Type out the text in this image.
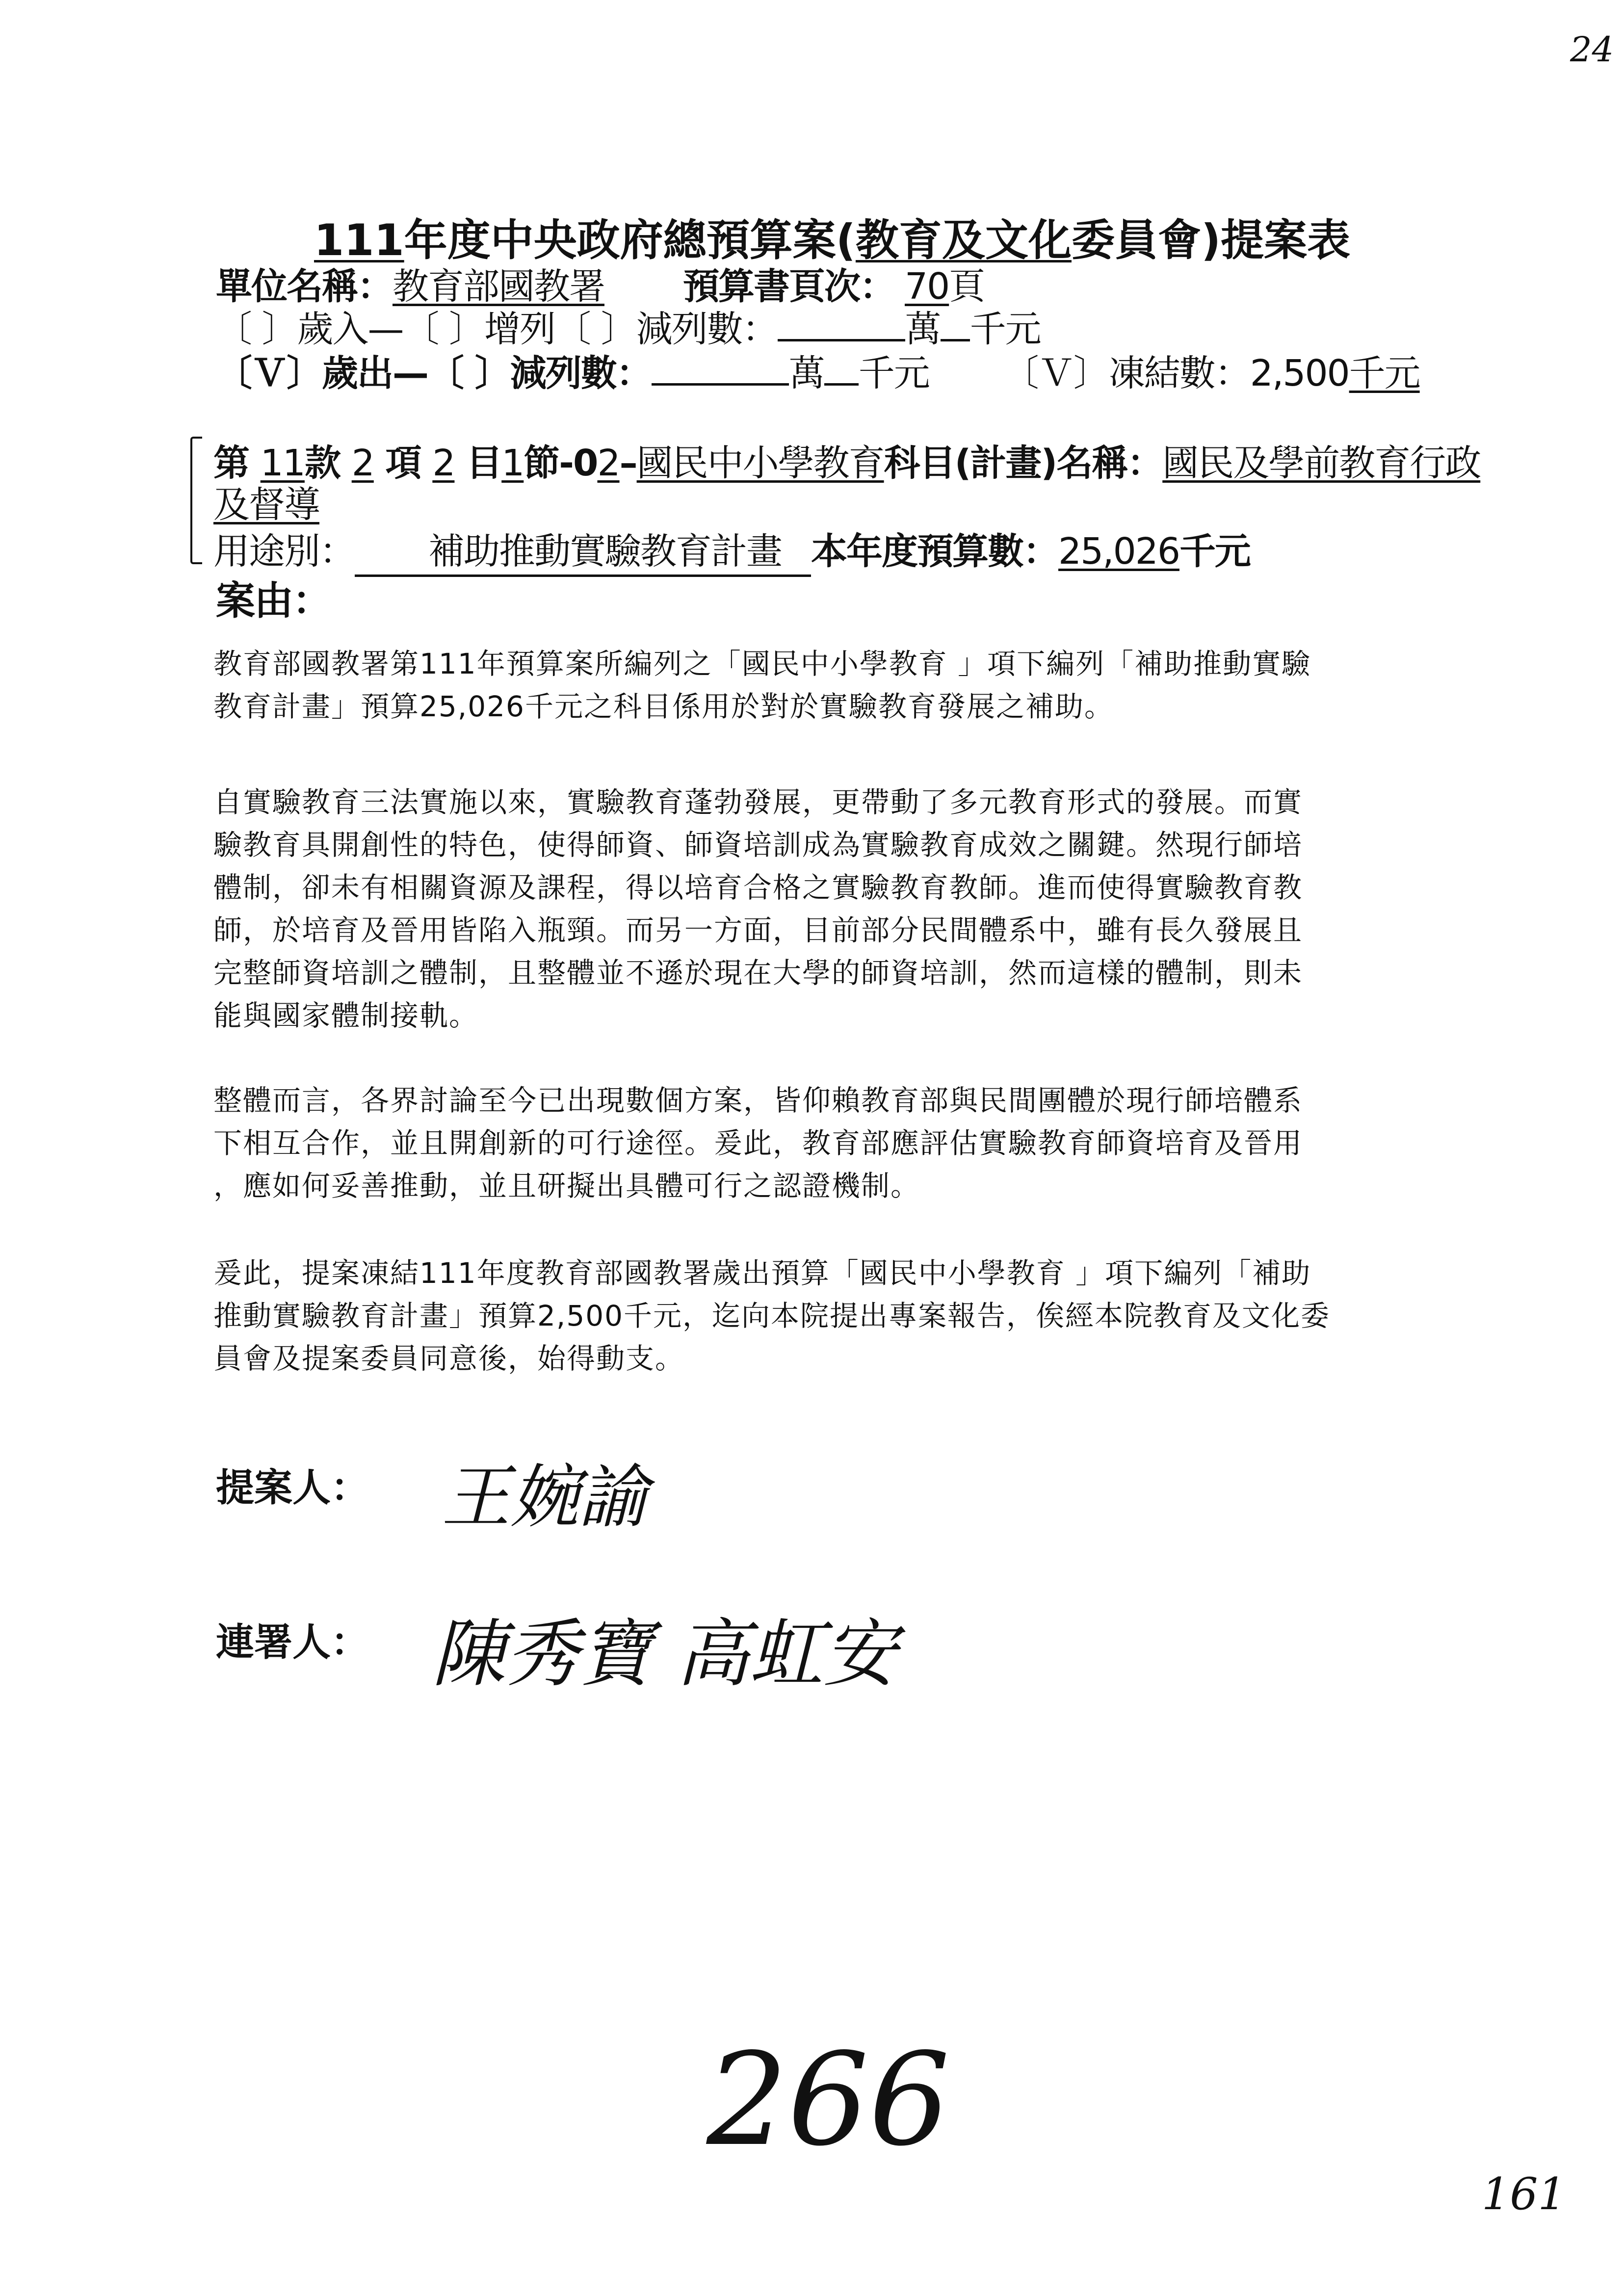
24
111年度中央政府總預算案(教育及文化委員會)提案表
單位名稱：教育部國教署 預算書頁次： 70頁
〔 〕歲入—〔 〕增列〔 〕減列數：	萬 千元
〔Ｖ〕歲出—〔 〕減列數：	萬 千元 〔Ｖ〕凍結數：2,500千元
第 11款 2 項 2 目1節-02–國民中小學教育科目(計畫)名稱：國民及學前教育行政
及督導
用途別： 補助推動實驗教育計畫 本年度預算數：25,026千元
案由：
教育部國教署第111年預算案所編列之「國民中小學教育 」項下編列「補助推動實驗
教育計畫」預算25,026千元之科目係用於對於實驗教育發展之補助。
自實驗教育三法實施以來，實驗教育蓬勃發展，更帶動了多元教育形式的發展。而實
驗教育具開創性的特色，使得師資、師資培訓成為實驗教育成效之關鍵。然現行師培
體制，卻未有相關資源及課程，得以培育合格之實驗教育教師。進而使得實驗教育教
師，於培育及晉用皆陷入瓶頸。而另一方面，目前部分民間體系中，雖有長久發展且
完整師資培訓之體制，且整體並不遜於現在大學的師資培訓，然而這樣的體制，則未
能與國家體制接軌。
整體而言，各界討論至今已出現數個方案，皆仰賴教育部與民間團體於現行師培體系
下相互合作，並且開創新的可行途徑。爰此，教育部應評估實驗教育師資培育及晉用
，應如何妥善推動，並且研擬出具體可行之認證機制。
爰此，提案凍結111年度教育部國教署歲出預算「國民中小學教育 」項下編列「補助
推動實驗教育計畫」預算2,500千元，迄向本院提出專案報告，俟經本院教育及文化委
員會及提案委員同意後，始得動支。
提案人： 王婉諭
連署人： 陳秀寶 高虹安
266
161
